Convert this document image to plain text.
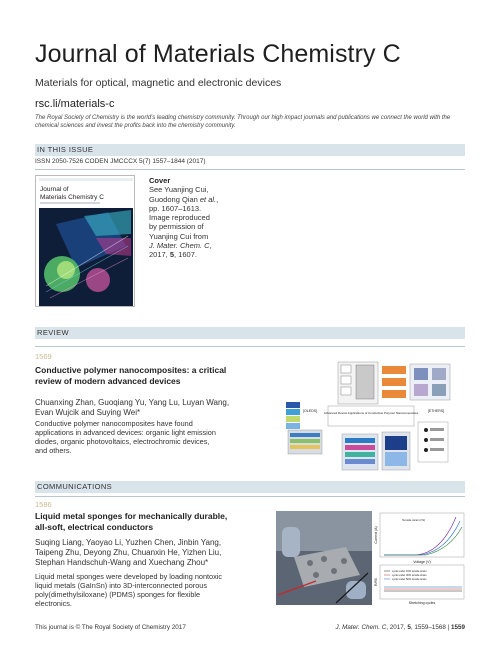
Journal of Materials Chemistry C
Materials for optical, magnetic and electronic devices
rsc.li/materials-c
The Royal Society of Chemistry is the world's leading chemistry community. Through our high impact journals and publications we connect the world with the chemical sciences and invest the profits back into the chemistry community.
IN THIS ISSUE
ISSN 2050-7526 CODEN JMCCCX 5(7) 1557–1844 (2017)
Journal of
Materials Chemistry C
Cover
See Yuanjing Cui,
Guodong Qian et al.,
pp. 1607–1613.
Image reproduced
by permission of
Yuanjing Cui from
J. Mater. Chem. C,
2017, 5, 1607.
REVIEW
1569
Conductive polymer nanocomposites: a critical
review of modern advanced devices
Chuanxing Zhan, Guoqiang Yu, Yang Lu, Luyan Wang,
Evan Wujcik and Suying Wei*
Conductive polymer nanocomposites have found
applications in advanced devices: organic light emission
diodes, organic photovoltaics, electrochromic devices,
and others.
Advanced Device Applications of Conductive Polymer Nanocomposites
[OLEDS]	[ETHERS]
COMMUNICATIONS
1586
Liquid metal sponges for mechanically durable,
all-soft, electrical conductors
Suqing Liang, Yaoyao Li, Yuzhen Chen, Jinbin Yang,
Taipeng Zhu, Deyong Zhu, Chuanxin He, Yizhen Liu,
Stephan Handschuh-Wang and Xuechang Zhou*
Liquid metal sponges were developed by loading nontoxic
liquid metals (GaInSn) into 3D-interconnected porous
poly(dimethylsiloxane) (PDMS) sponges for flexible
electronics.
Current (A)
Voltage (V)
Tensile strain (%)
R/R0
Stretching cycles
cycle under 10% tensile strain
cycle under 30% tensile strain
cycle under 50% tensile strain
This journal is © The Royal Society of Chemistry 2017	J. Mater. Chem. C, 2017, 5, 1559–1568 | 1559
